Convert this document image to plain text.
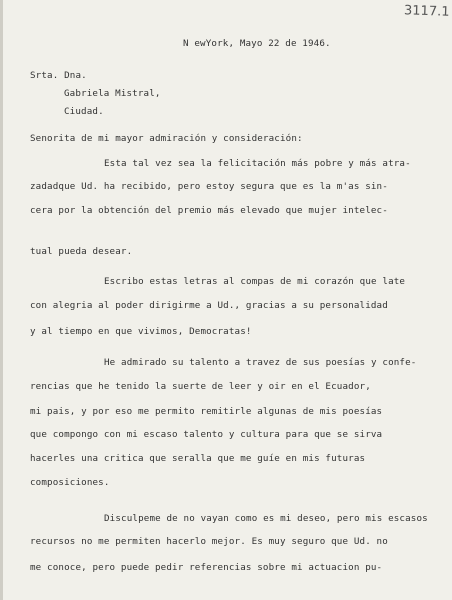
3117.1
N ewYork, Mayo 22 de 1946.
Srta. Dna.
Gabriela Mistral,
Ciudad.
Senorita de mi mayor admiración y consideración:
Esta tal vez sea la felicitación más pobre y más atra-
zadadque Ud. ha recibido, pero estoy segura que es la m'as sin-
cera por la obtención del premio más elevado que mujer intelec-
tual pueda desear.
Escribo estas letras al compas de mi corazón que late
con alegria al poder dirigirme a Ud., gracias a su personalidad
y al tiempo en que vivimos, Democratas!
He admirado su talento a travez de sus poesías y confe-
rencias que he tenido la suerte de leer y oir en el Ecuador,
mi pais, y por eso me permito remitirle algunas de mis poesías
que compongo con mi escaso talento y cultura para que se sirva
hacerles una critica que seralla que me guíe en mis futuras
composiciones.
Disculpeme de no vayan como es mi deseo, pero mis escasos
recursos no me permiten hacerlo mejor. Es muy seguro que Ud. no
me conoce, pero puede pedir referencias sobre mi actuacion pu-
